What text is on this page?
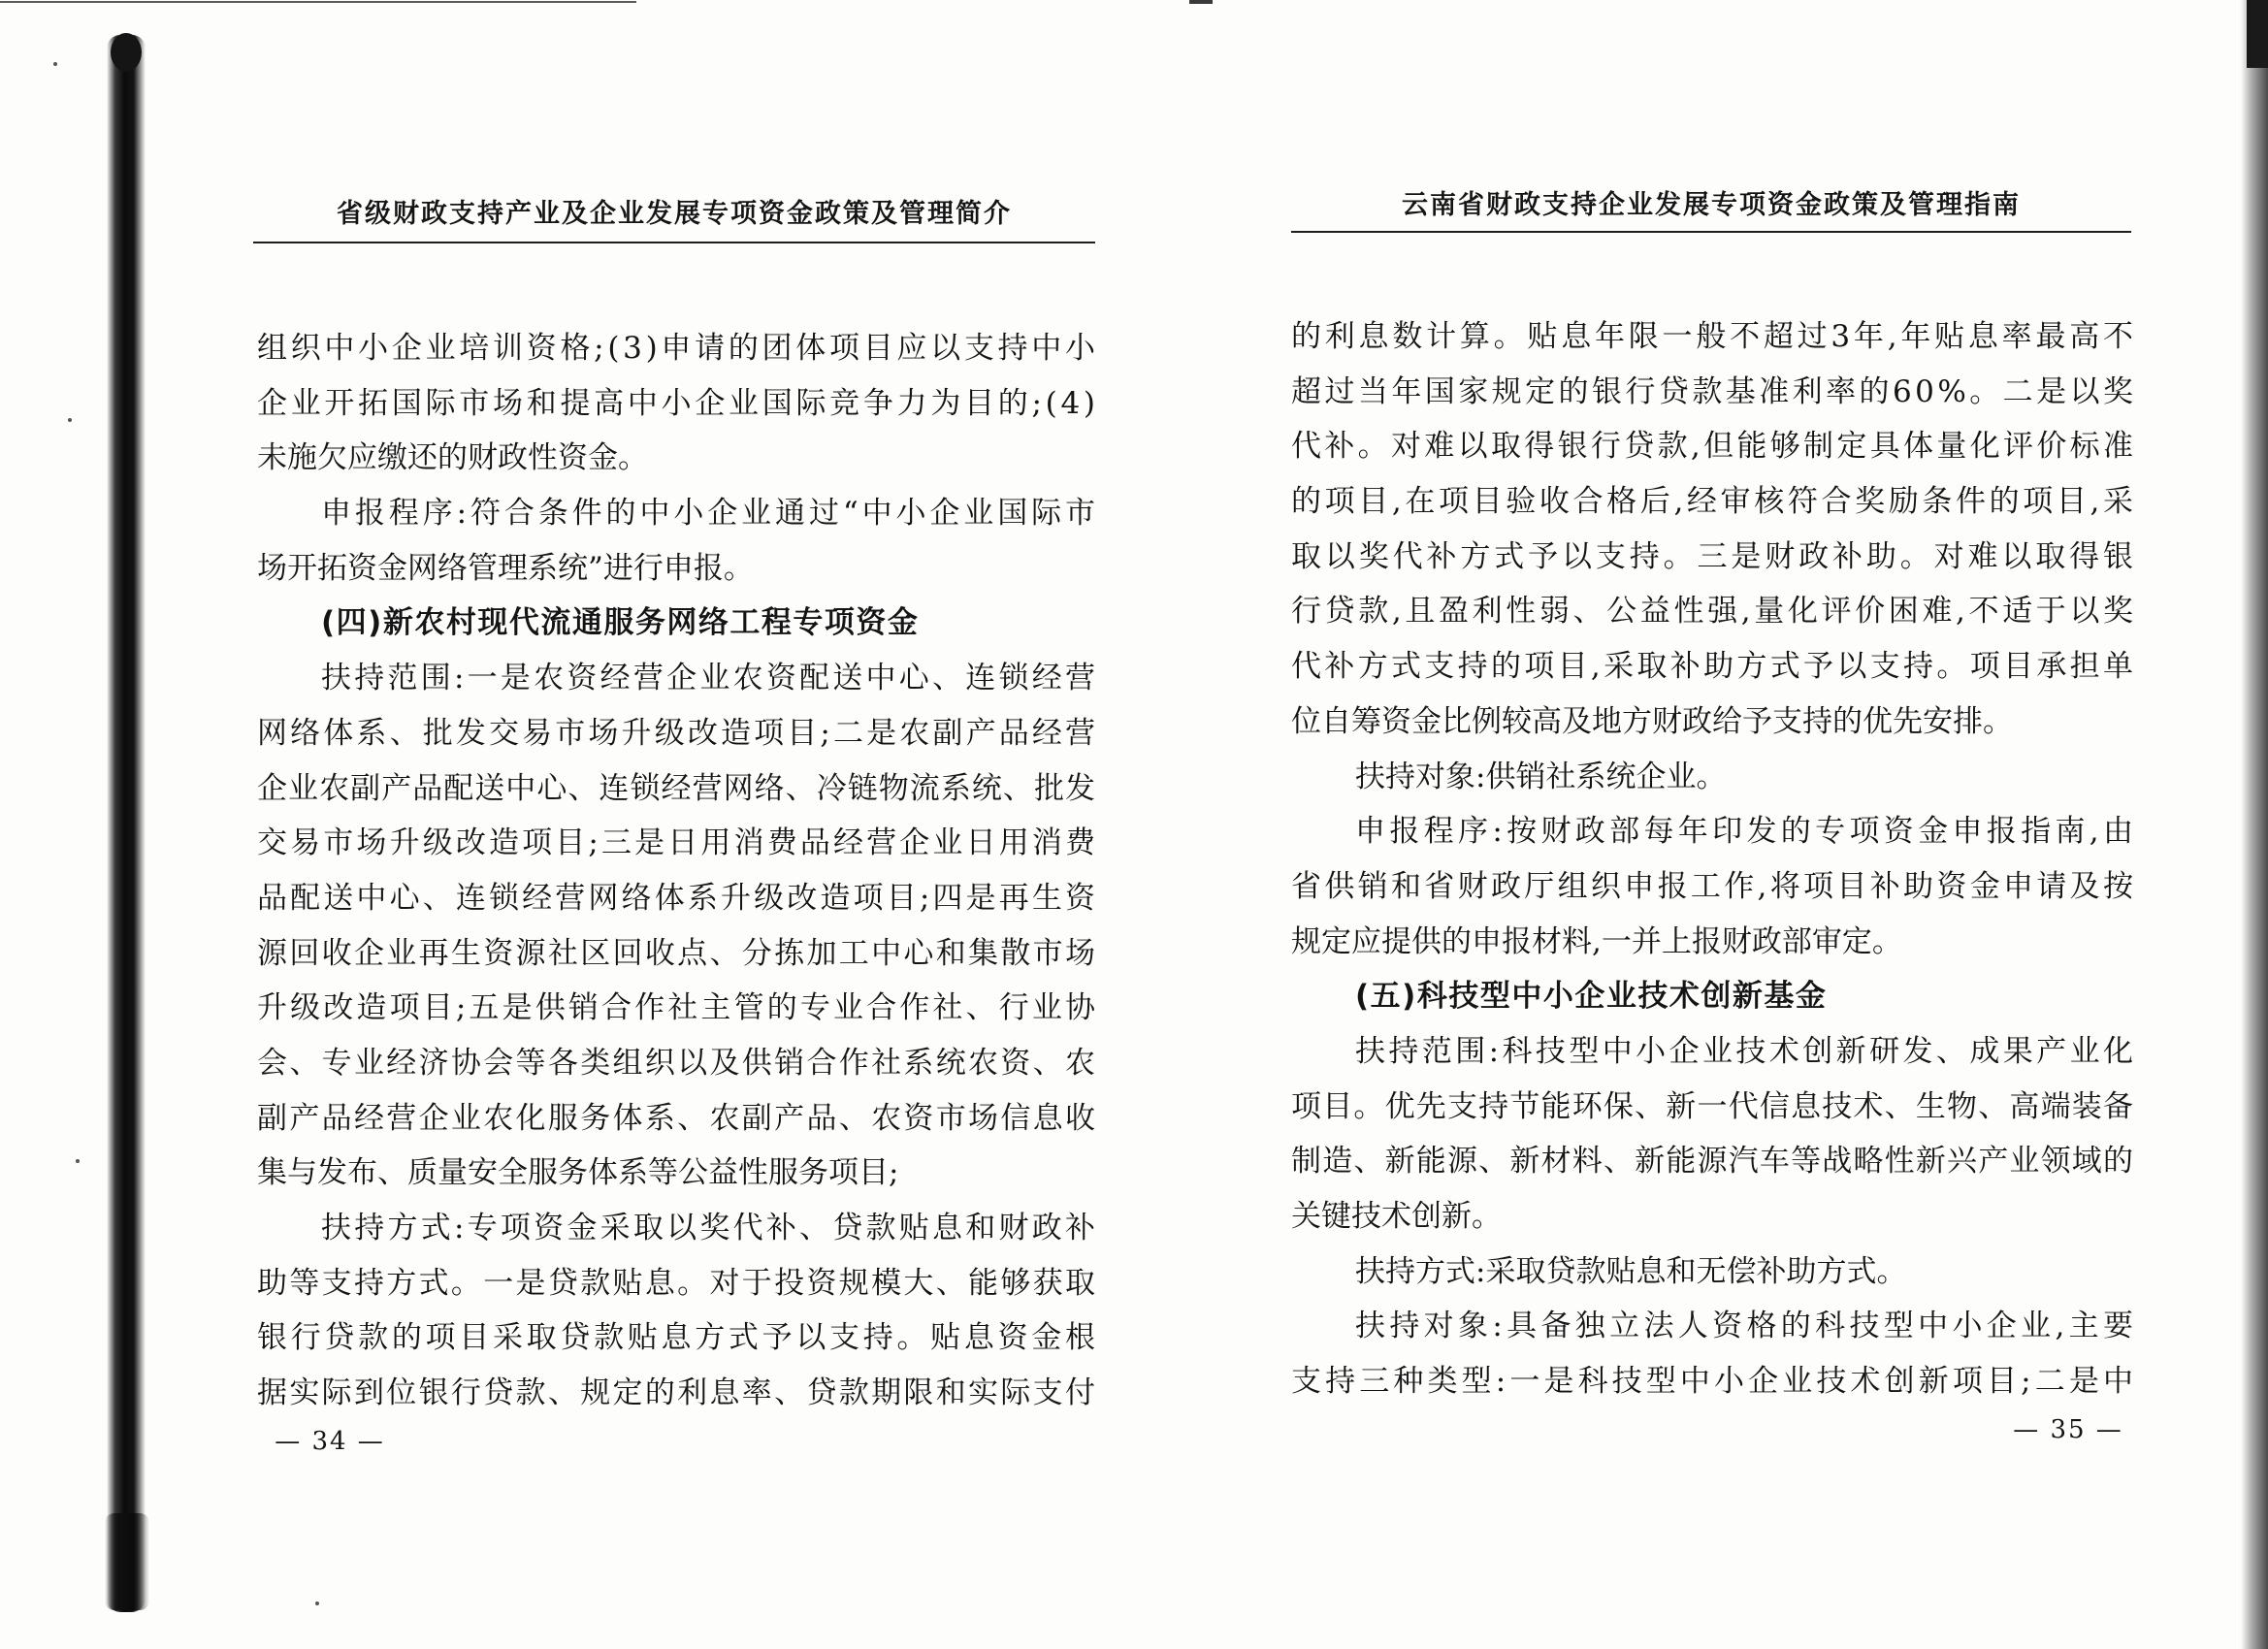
省级财政支持产业及企业发展专项资金政策及管理简介
组织中小企业培训资格;(3)申请的团体项目应以支持中小
企业开拓国际市场和提高中小企业国际竞争力为目的;(4)
未施欠应缴还的财政性资金。
申报程序:符合条件的中小企业通过“中小企业国际市
场开拓资金网络管理系统”进行申报。
(四)新农村现代流通服务网络工程专项资金
扶持范围:一是农资经营企业农资配送中心、连锁经营
网络体系、批发交易市场升级改造项目;二是农副产品经营
企业农副产品配送中心、连锁经营网络、冷链物流系统、批发
交易市场升级改造项目;三是日用消费品经营企业日用消费
品配送中心、连锁经营网络体系升级改造项目;四是再生资
源回收企业再生资源社区回收点、分拣加工中心和集散市场
升级改造项目;五是供销合作社主管的专业合作社、行业协
会、专业经济协会等各类组织以及供销合作社系统农资、农
副产品经营企业农化服务体系、农副产品、农资市场信息收
集与发布、质量安全服务体系等公益性服务项目;
扶持方式:专项资金采取以奖代补、贷款贴息和财政补
助等支持方式。一是贷款贴息。对于投资规模大、能够获取
银行贷款的项目采取贷款贴息方式予以支持。贴息资金根
据实际到位银行贷款、规定的利息率、贷款期限和实际支付
— 34 —
云南省财政支持企业发展专项资金政策及管理指南
的利息数计算。贴息年限一般不超过3年,年贴息率最高不
超过当年国家规定的银行贷款基准利率的60%。二是以奖
代补。对难以取得银行贷款,但能够制定具体量化评价标准
的项目,在项目验收合格后,经审核符合奖励条件的项目,采
取以奖代补方式予以支持。三是财政补助。对难以取得银
行贷款,且盈利性弱、公益性强,量化评价困难,不适于以奖
代补方式支持的项目,采取补助方式予以支持。项目承担单
位自筹资金比例较高及地方财政给予支持的优先安排。
扶持对象:供销社系统企业。
申报程序:按财政部每年印发的专项资金申报指南,由
省供销和省财政厅组织申报工作,将项目补助资金申请及按
规定应提供的申报材料,一并上报财政部审定。
(五)科技型中小企业技术创新基金
扶持范围:科技型中小企业技术创新研发、成果产业化
项目。优先支持节能环保、新一代信息技术、生物、高端装备
制造、新能源、新材料、新能源汽车等战略性新兴产业领域的
关键技术创新。
扶持方式:采取贷款贴息和无偿补助方式。
扶持对象:具备独立法人资格的科技型中小企业,主要
支持三种类型:一是科技型中小企业技术创新项目;二是中
— 35 —
